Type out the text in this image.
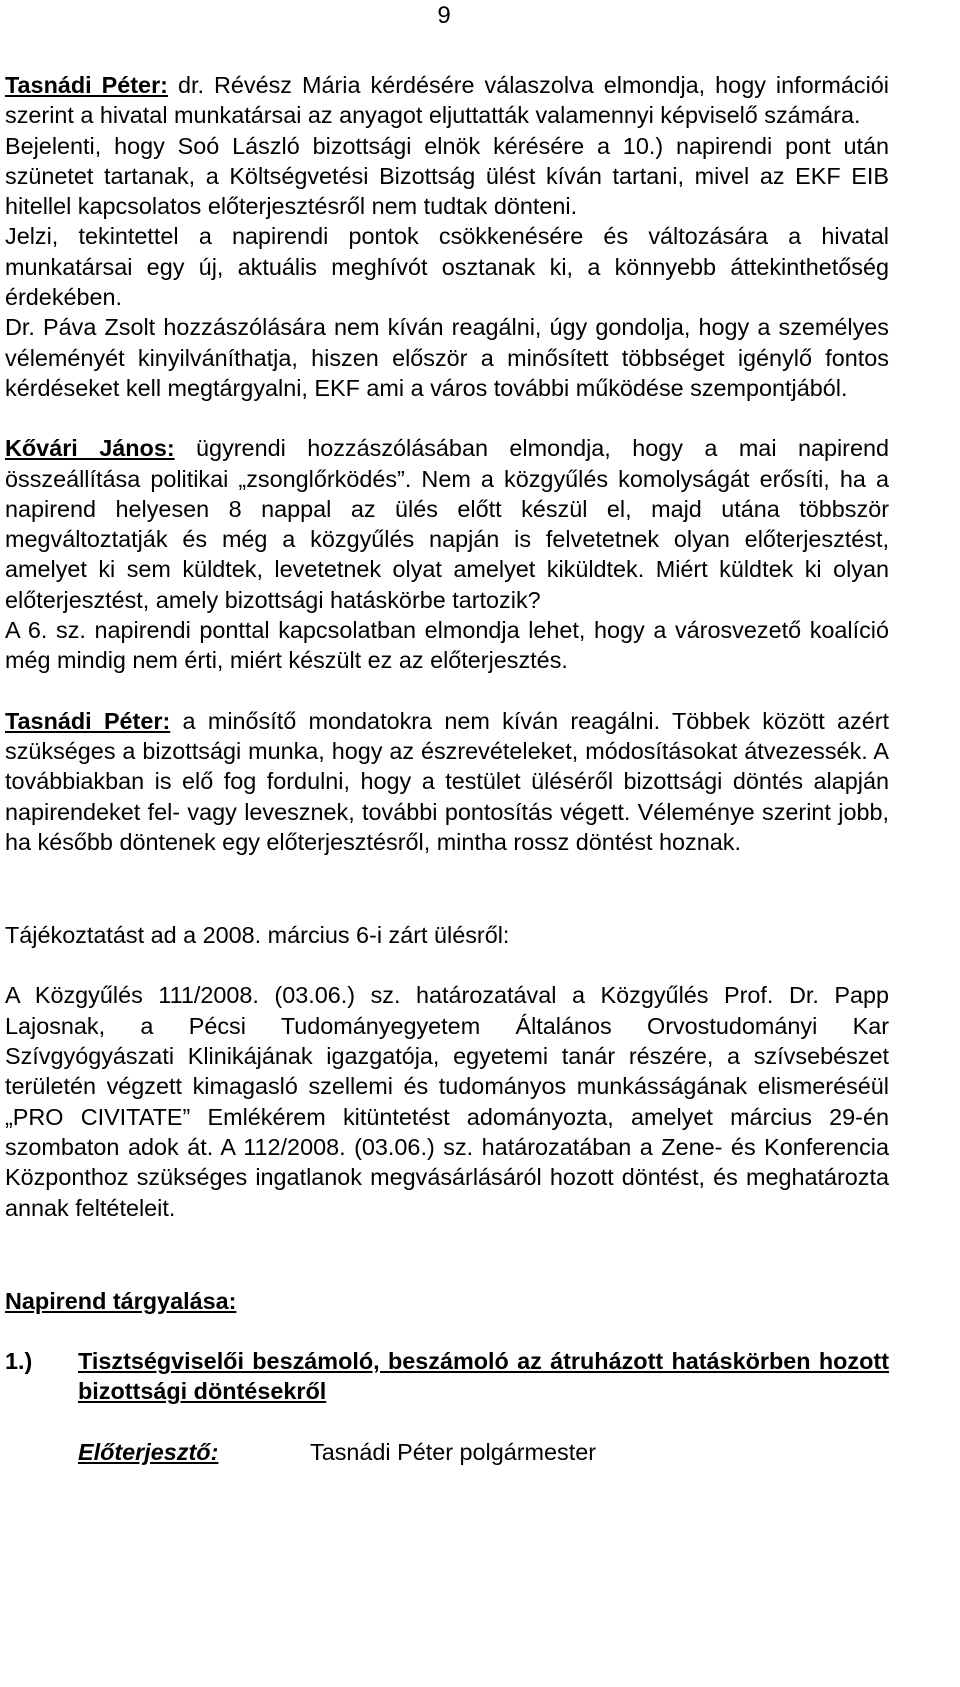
9

Tasnádi Péter: dr. Révész Mária kérdésére válaszolva elmondja, hogy információi szerint a hivatal munkatársai az anyagot eljuttatták valamennyi képviselő számára.

Bejelenti, hogy Soó László bizottsági elnök kérésére a 10.) napirendi pont után szünetet tartanak, a Költségvetési Bizottság ülést kíván tartani, mivel az EKF EIB hitellel kapcsolatos előterjesztésről nem tudtak dönteni.

Jelzi, tekintettel a napirendi pontok csökkenésére és változására a hivatal munkatársai egy új, aktuális meghívót osztanak ki, a könnyebb áttekinthetőség érdekében.

Dr. Páva Zsolt hozzászólására nem kíván reagálni, úgy gondolja, hogy a személyes véleményét kinyilváníthatja, hiszen először a minősített többséget igénylő fontos kérdéseket kell megtárgyalni, EKF ami a város további működése szempontjából.

Kővári János: ügyrendi hozzászólásában elmondja, hogy a mai napirend összeállítása politikai „zsonglőrködés”. Nem a közgyűlés komolyságát erősíti, ha a napirend helyesen 8 nappal az ülés előtt készül el, majd utána többször megváltoztatják és még a közgyűlés napján is felvetetnek olyan előterjesztést, amelyet ki sem küldtek, levetetnek olyat amelyet kiküldtek. Miért küldtek ki olyan előterjesztést, amely bizottsági hatáskörbe tartozik?

A 6. sz. napirendi ponttal kapcsolatban elmondja lehet, hogy a városvezető koalíció még mindig nem érti, miért készült ez az előterjesztés.

Tasnádi Péter: a minősítő mondatokra nem kíván reagálni. Többek között azért szükséges a bizottsági munka, hogy az észrevételeket, módosításokat átvezessék. A továbbiakban is elő fog fordulni, hogy a testület üléséről bizottsági döntés alapján napirendeket fel- vagy levesznek, további pontosítás végett. Véleménye szerint jobb, ha később döntenek egy előterjesztésről, mintha rossz döntést hoznak.

Tájékoztatást ad a 2008. március 6-i zárt ülésről:

A Közgyűlés 111/2008. (03.06.) sz. határozatával a Közgyűlés Prof. Dr. Papp Lajosnak, a Pécsi Tudományegyetem Általános Orvostudományi Kar Szívgyógyászati Klinikájának igazgatója, egyetemi tanár részére, a szívsebészet területén végzett kimagasló szellemi és tudományos munkásságának elismeréséül „PRO CIVITATE” Emlékérem kitüntetést adományozta, amelyet március 29-én szombaton adok át. A 112/2008. (03.06.) sz. határozatában a Zene- és Konferencia Központhoz szükséges ingatlanok megvásárlásáról hozott döntést, és meghatározta annak feltételeit.

Napirend tárgyalása:

1.)	Tisztségviselői beszámoló, beszámoló az átruházott hatáskörben hozott bizottsági döntésekről
Előterjesztő:	Tasnádi Péter polgármester
